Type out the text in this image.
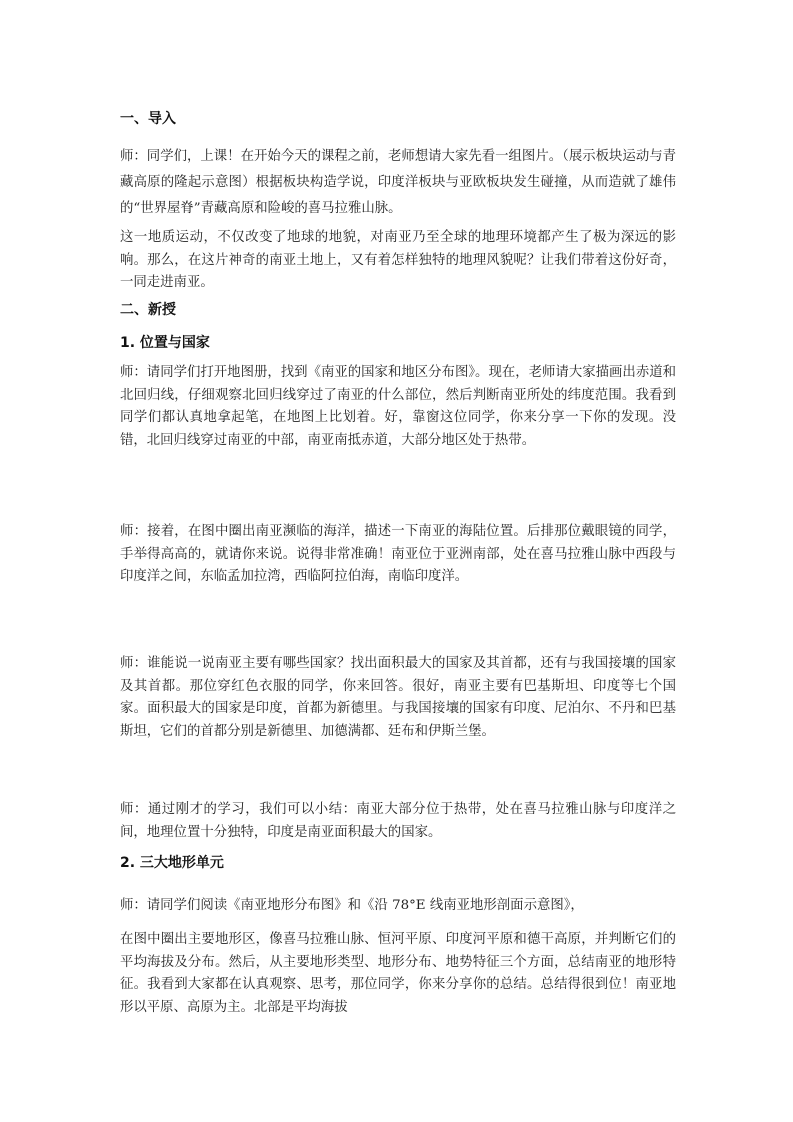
一、导入
师：同学们，上课！在开始今天的课程之前，老师想请大家先看一组图片。（展示板块运动与青藏高原的隆起示意图）根据板块构造学说，印度洋板块与亚欧板块发生碰撞，从而造就了雄伟的“世界屋脊”青藏高原和险峻的喜马拉雅山脉。
这一地质运动，不仅改变了地球的地貌，对南亚乃至全球的地理环境都产生了极为深远的影响。那么，在这片神奇的南亚土地上，又有着怎样独特的地理风貌呢？让我们带着这份好奇，一同走进南亚。
二、新授
1. 位置与国家
师：请同学们打开地图册，找到《南亚的国家和地区分布图》。现在，老师请大家描画出赤道和北回归线，仔细观察北回归线穿过了南亚的什么部位，然后判断南亚所处的纬度范围。我看到同学们都认真地拿起笔，在地图上比划着。好，靠窗这位同学，你来分享一下你的发现。没错，北回归线穿过南亚的中部，南亚南抵赤道，大部分地区处于热带。
师：接着，在图中圈出南亚濒临的海洋，描述一下南亚的海陆位置。后排那位戴眼镜的同学，手举得高高的，就请你来说。说得非常准确！南亚位于亚洲南部，处在喜马拉雅山脉中西段与印度洋之间，东临孟加拉湾，西临阿拉伯海，南临印度洋。
师：谁能说一说南亚主要有哪些国家？找出面积最大的国家及其首都，还有与我国接壤的国家及其首都。那位穿红色衣服的同学，你来回答。很好，南亚主要有巴基斯坦、印度等七个国家。面积最大的国家是印度，首都为新德里。与我国接壤的国家有印度、尼泊尔、不丹和巴基斯坦，它们的首都分别是新德里、加德满都、廷布和伊斯兰堡。
师：通过刚才的学习，我们可以小结：南亚大部分位于热带，处在喜马拉雅山脉与印度洋之间，地理位置十分独特，印度是南亚面积最大的国家。
2. 三大地形单元
师：请同学们阅读《南亚地形分布图》和《沿 78°E 线南亚地形剖面示意图》，
在图中圈出主要地形区，像喜马拉雅山脉、恒河平原、印度河平原和德干高原，并判断它们的平均海拔及分布。然后，从主要地形类型、地形分布、地势特征三个方面，总结南亚的地形特征。我看到大家都在认真观察、思考，那位同学，你来分享你的总结。总结得很到位！南亚地形以平原、高原为主。北部是平均海拔
